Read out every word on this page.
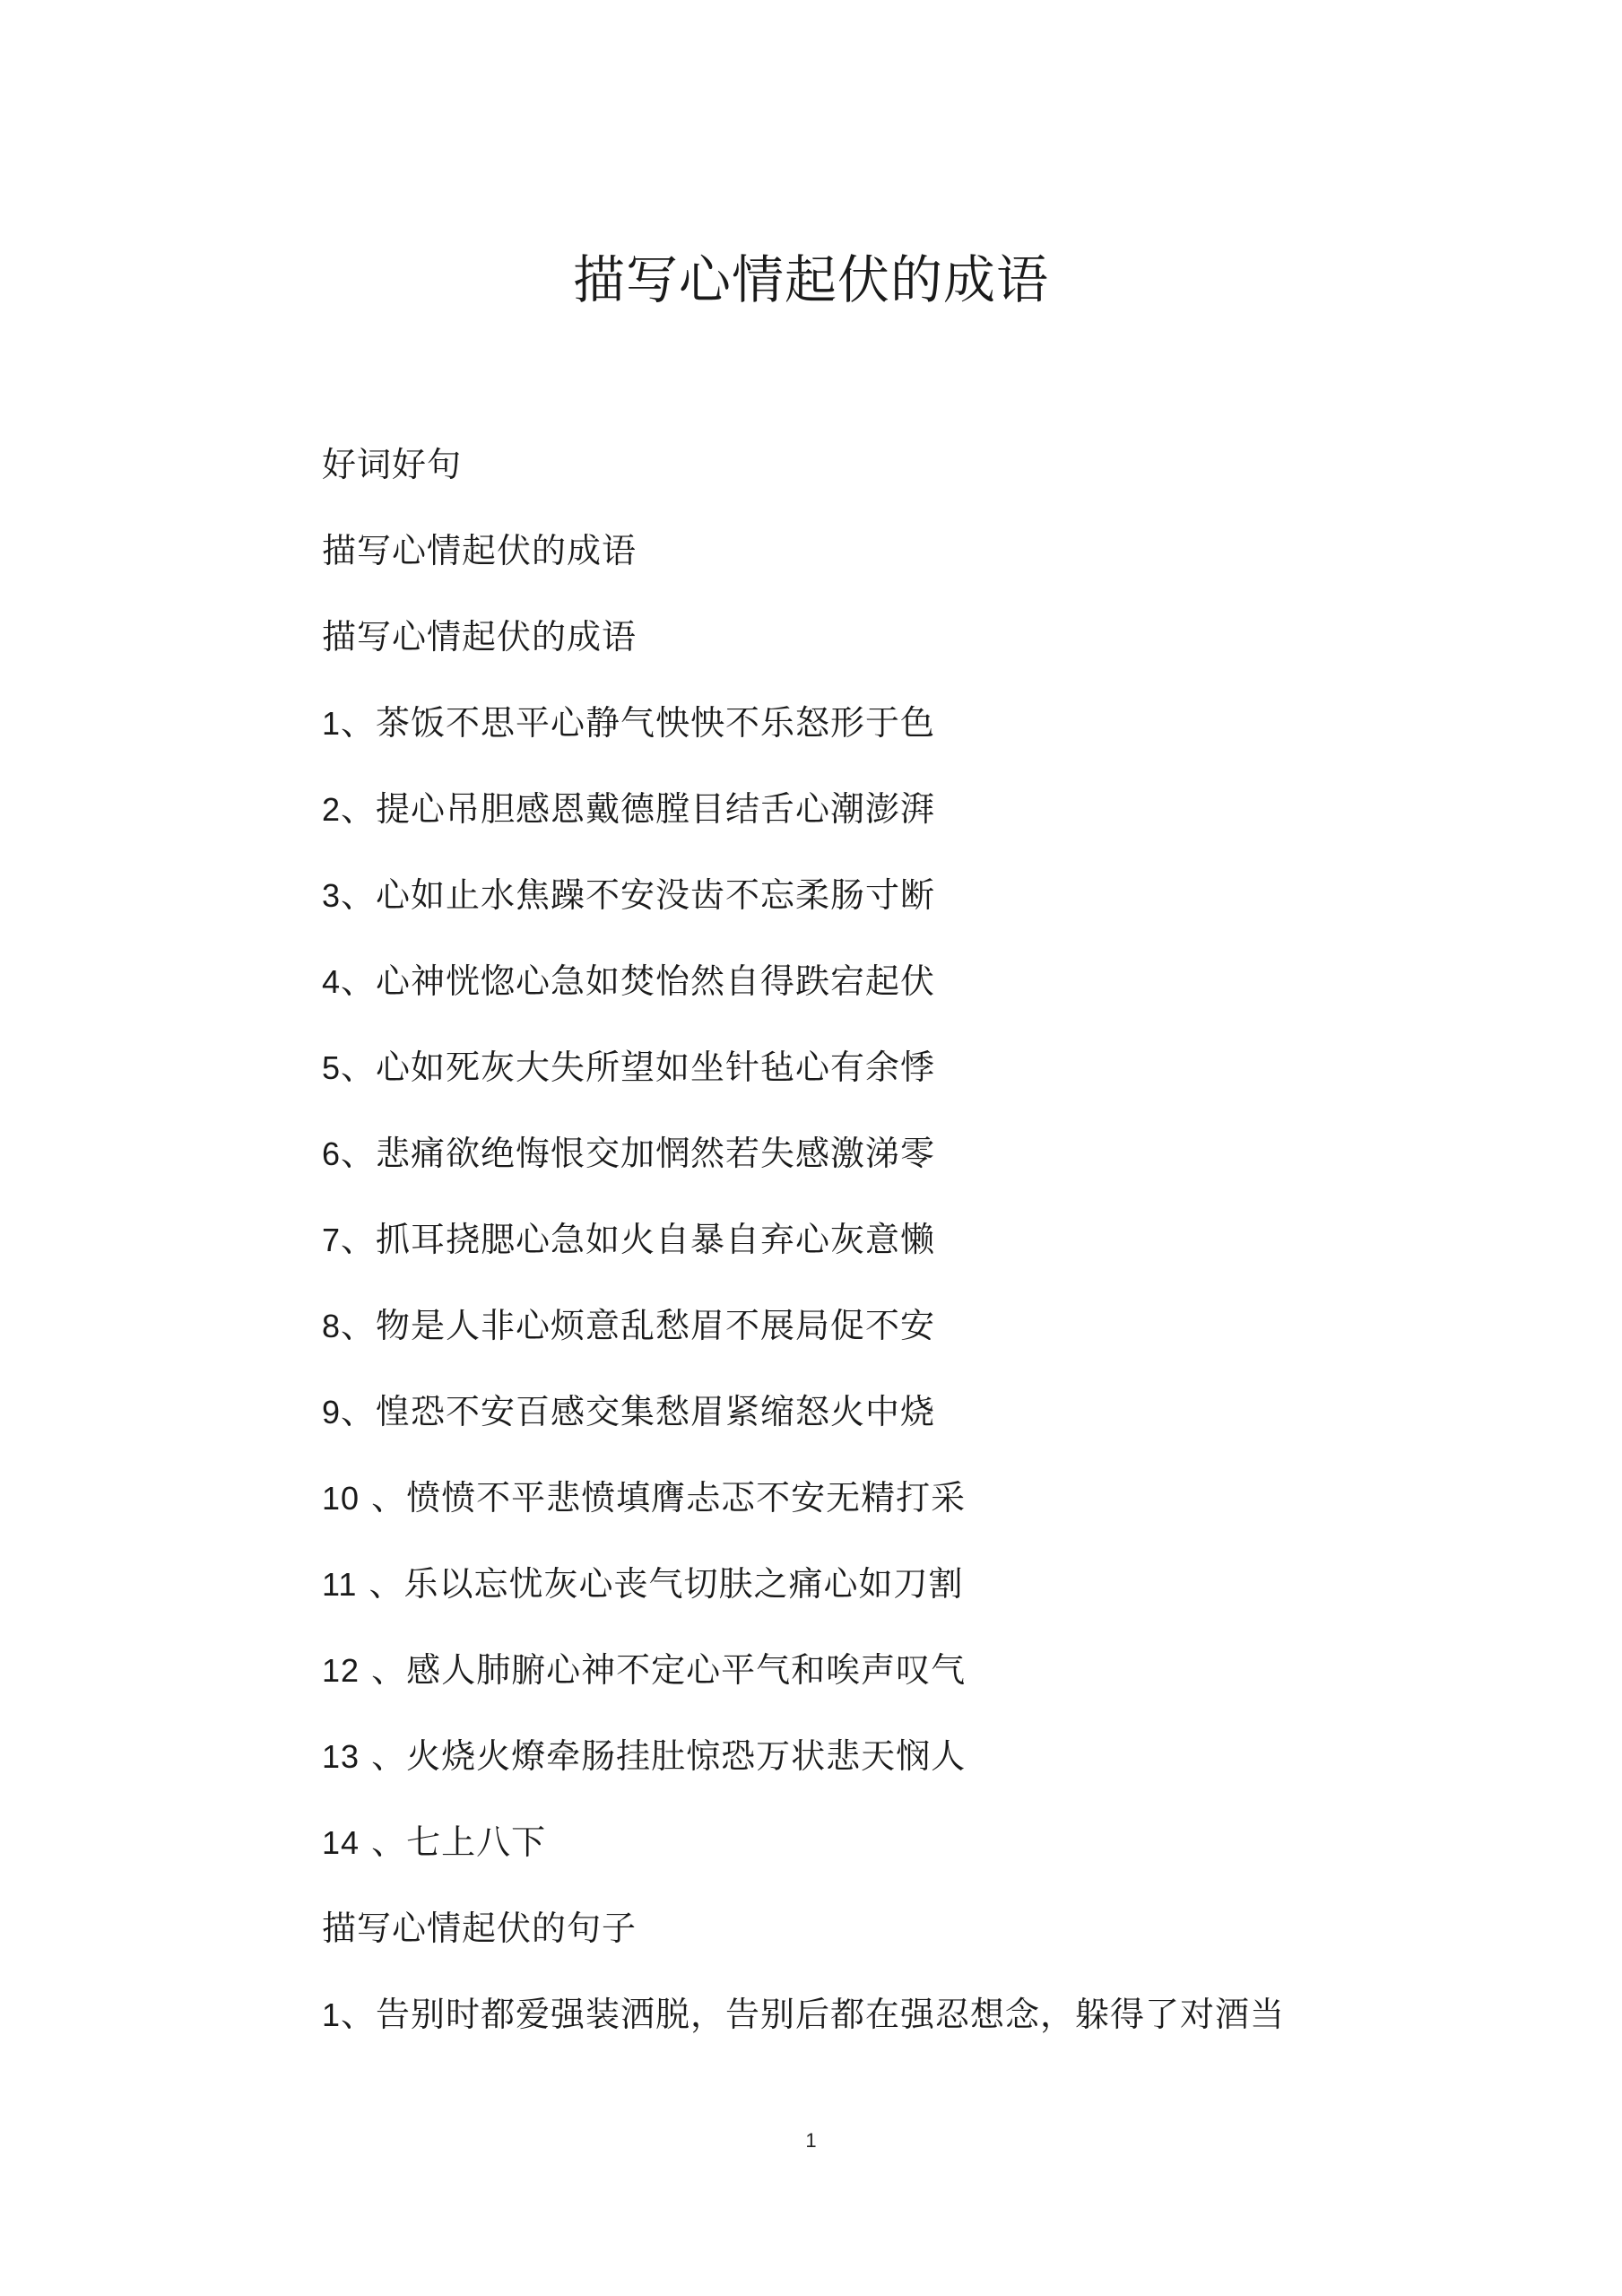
描写心情起伏的成语
好词好句
描写心情起伏的成语
描写心情起伏的成语
1、茶饭不思平心静气怏怏不乐怒形于色
2、提心吊胆感恩戴德膛目结舌心潮澎湃
3、心如止水焦躁不安没齿不忘柔肠寸断
4、心神恍惚心急如焚怡然自得跌宕起伏
5、心如死灰大失所望如坐针毡心有余悸
6、悲痛欲绝悔恨交加惘然若失感激涕零
7、抓耳挠腮心急如火自暴自弃心灰意懒
8、物是人非心烦意乱愁眉不展局促不安
9、惶恐不安百感交集愁眉紧缩怒火中烧
10 、愤愤不平悲愤填膺忐忑不安无精打采
11 、乐以忘忧灰心丧气切肤之痛心如刀割
12 、感人肺腑心神不定心平气和唉声叹气
13 、火烧火燎牵肠挂肚惊恐万状悲天悯人
14 、七上八下
描写心情起伏的句子
1、告别时都爱强装洒脱，告别后都在强忍想念，躲得了对酒当
1
